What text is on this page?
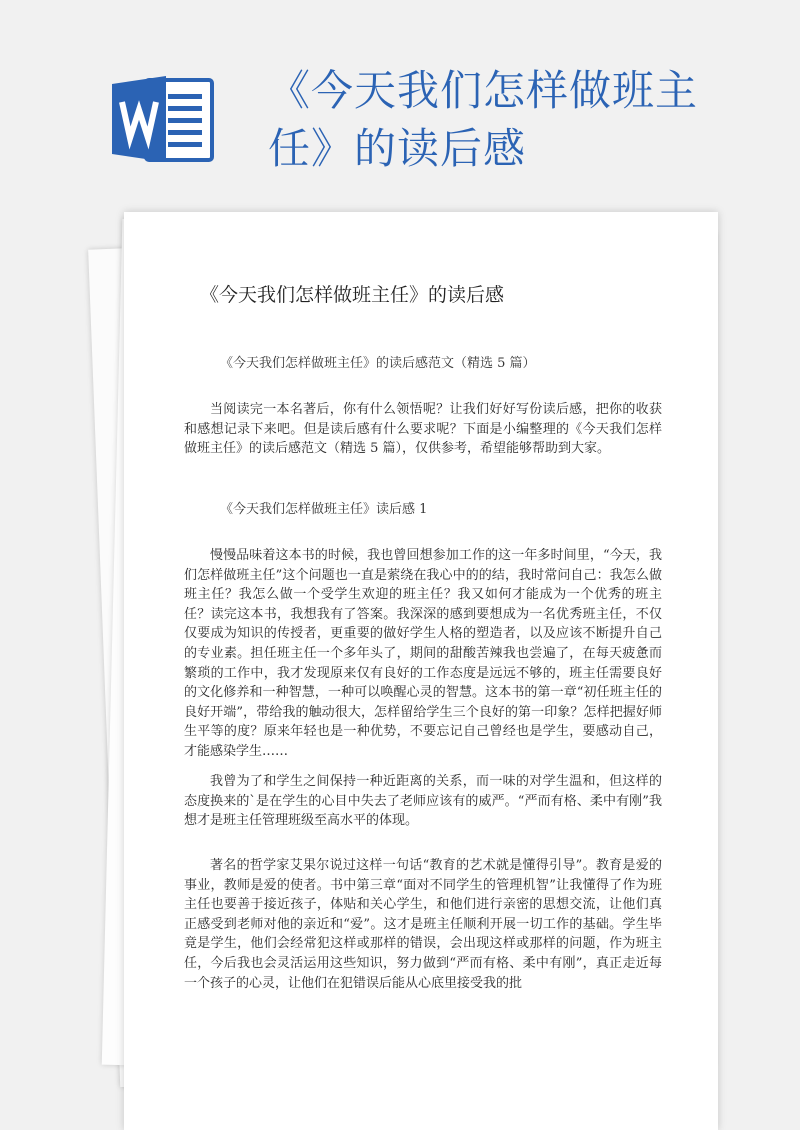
《今天我们怎样做班主任》的读后感
《今天我们怎样做班主任》的读后感
《今天我们怎样做班主任》的读后感范文（精选 5 篇）

当阅读完一本名著后，你有什么领悟呢？让我们好好写份读后感，把你的收获和感想记录下来吧。但是读后感有什么要求呢？下面是小编整理的《今天我们怎样做班主任》的读后感范文（精选 5 篇），仅供参考，希望能够帮助到大家。

《今天我们怎样做班主任》读后感 1

慢慢品味着这本书的时候，我也曾回想参加工作的这一年多时间里，“今天，我们怎样做班主任”这个问题也一直是萦绕在我心中的的结，我时常问自己：我怎么做班主任？我怎么做一个受学生欢迎的班主任？我又如何才能成为一个优秀的班主任？读完这本书，我想我有了答案。我深深的感到要想成为一名优秀班主任，不仅仅要成为知识的传授者，更重要的做好学生人格的塑造者，以及应该不断提升自己的专业素。担任班主任一个多年头了，期间的甜酸苦辣我也尝遍了，在每天疲惫而繁琐的工作中，我才发现原来仅有良好的工作态度是远远不够的，班主任需要良好的文化修养和一种智慧，一种可以唤醒心灵的智慧。这本书的第一章“初任班主任的良好开端”，带给我的触动很大，怎样留给学生三个良好的第一印象？怎样把握好师生平等的度？原来年轻也是一种优势，不要忘记自己曾经也是学生，要感动自己，才能感染学生……

我曾为了和学生之间保持一种近距离的关系，而一味的对学生温和，但这样的态度换来的`是在学生的心目中失去了老师应该有的威严。“严而有格、柔中有刚”我想才是班主任管理班级至高水平的体现。

著名的哲学家艾果尔说过这样一句话“教育的艺术就是懂得引导”。教育是爱的事业，教师是爱的使者。书中第三章“面对不同学生的管理机智”让我懂得了作为班主任也要善于接近孩子，体贴和关心学生，和他们进行亲密的思想交流，让他们真正感受到老师对他的亲近和“爱”。这才是班主任顺利开展一切工作的基础。学生毕竟是学生，他们会经常犯这样或那样的错误，会出现这样或那样的问题，作为班主任，今后我也会灵活运用这些知识，努力做到“严而有格、柔中有刚”，真正走近每一个孩子的心灵，让他们在犯错误后能从心底里接受我的批
